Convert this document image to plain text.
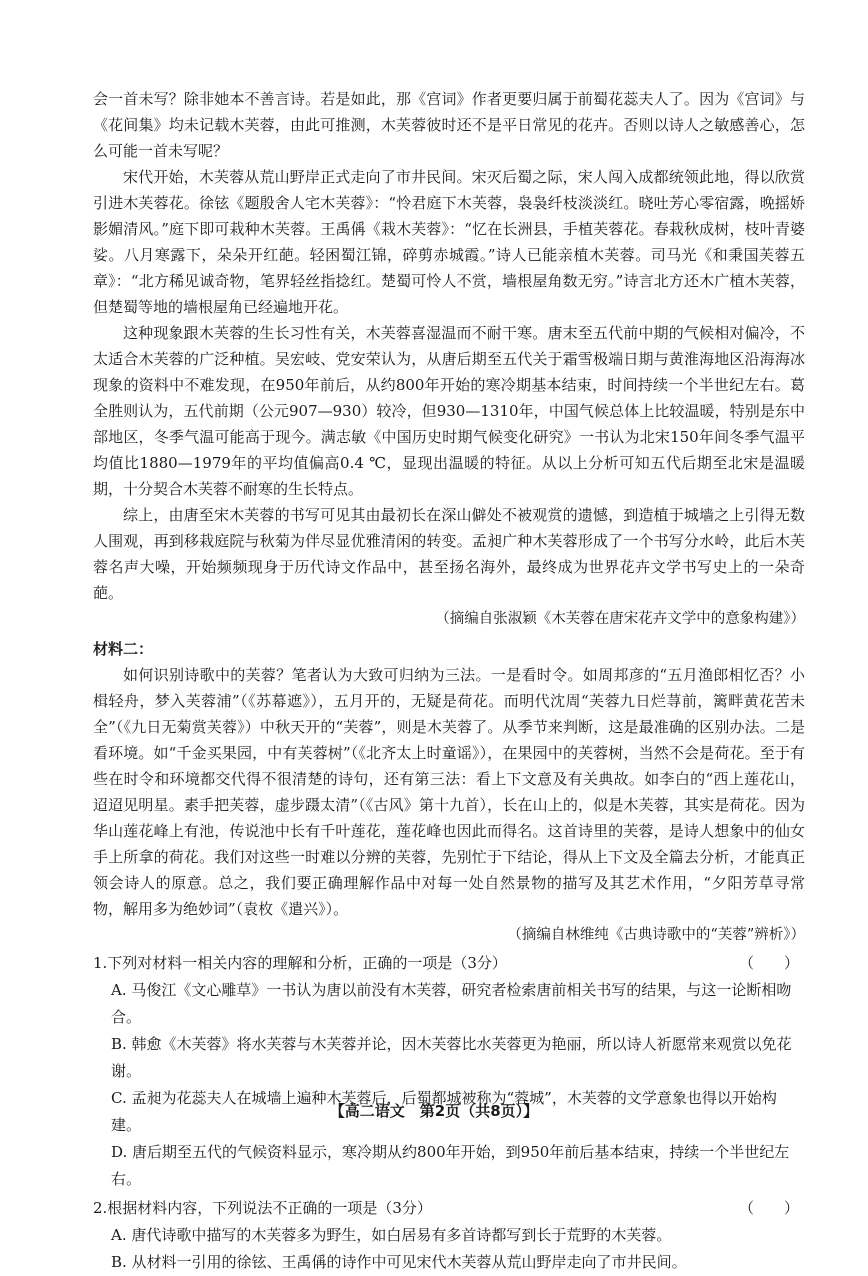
会一首未写？除非她本不善言诗。若是如此，那《宫词》作者更要归属于前蜀花蕊夫人了。因为《宫词》与《花间集》均未记载木芙蓉，由此可推测，木芙蓉彼时还不是平日常见的花卉。否则以诗人之敏感善心，怎么可能一首未写呢？

宋代开始，木芙蓉从荒山野岸正式走向了市井民间。宋灭后蜀之际，宋人闯入成都统领此地，得以欣赏引进木芙蓉花。徐铉《题殷舍人宅木芙蓉》：“怜君庭下木芙蓉，袅袅纤枝淡淡红。晓吐芳心零宿露，晚摇娇影媚清风。”庭下即可栽种木芙蓉。王禹偁《栽木芙蓉》：“忆在长洲县，手植芙蓉花。春栽秋成树，枝叶青婆娑。八月寒露下，朵朵开红葩。轻困蜀江锦，碎剪赤城霞。”诗人已能亲植木芙蓉。司马光《和秉国芙蓉五章》：“北方稀见诚奇物，笔界轻丝指捻红。楚蜀可怜人不赏，墙根屋角数无穷。”诗言北方还木广植木芙蓉，但楚蜀等地的墙根屋角已经遍地开花。

这种现象跟木芙蓉的生长习性有关，木芙蓉喜湿温而不耐干寒。唐末至五代前中期的气候相对偏冷，不太适合木芙蓉的广泛种植。吴宏岐、党安荣认为，从唐后期至五代关于霜雪极端日期与黄淮海地区沿海海冰现象的资料中不难发现，在950年前后，从约800年开始的寒冷期基本结束，时间持续一个半世纪左右。葛全胜则认为，五代前期（公元907—930）较冷，但930—1310年，中国气候总体上比较温暖，特别是东中部地区，冬季气温可能高于现今。满志敏《中国历史时期气候变化研究》一书认为北宋150年间冬季气温平均值比1880—1979年的平均值偏高0.4 ℃，显现出温暖的特征。从以上分析可知五代后期至北宋是温暖期，十分契合木芙蓉不耐寒的生长特点。

综上，由唐至宋木芙蓉的书写可见其由最初长在深山僻处不被观赏的遗憾，到造植于城墙之上引得无数人围观，再到移栽庭院与秋菊为伴尽显优雅清闲的转变。孟昶广种木芙蓉形成了一个书写分水岭，此后木芙蓉名声大噪，开始频频现身于历代诗文作品中，甚至扬名海外，最终成为世界花卉文学书写史上的一朵奇葩。

（摘编自张淑颖《木芙蓉在唐宋花卉文学中的意象构建》）

材料二：

如何识别诗歌中的芙蓉？笔者认为大致可归纳为三法。一是看时令。如周邦彦的“五月渔郎相忆否？小楫轻舟，梦入芙蓉浦”（《苏幕遮》），五月开的，无疑是荷花。而明代沈周“芙蓉九日烂荨前，篱畔黄花苦未全”（《九日无菊赏芙蓉》）中秋天开的“芙蓉”，则是木芙蓉了。从季节来判断，这是最准确的区别办法。二是看环境。如“千金买果园，中有芙蓉树”（《北齐太上时童谣》），在果园中的芙蓉树，当然不会是荷花。至于有些在时令和环境都交代得不很清楚的诗句，还有第三法：看上下文意及有关典故。如李白的“西上莲花山，迢迢见明星。素手把芙蓉，虚步蹑太清”（《古风》第十九首），长在山上的，似是木芙蓉，其实是荷花。因为华山莲花峰上有池，传说池中长有千叶莲花，莲花峰也因此而得名。这首诗里的芙蓉，是诗人想象中的仙女手上所拿的荷花。我们对这些一时难以分辨的芙蓉，先别忙于下结论，得从上下文及全篇去分析，才能真正领会诗人的原意。总之，我们要正确理解作品中对每一处自然景物的描写及其艺术作用，“夕阳芳草寻常物，解用多为绝妙词”（袁枚《遣兴》）。

（摘编自林维纯《古典诗歌中的“芙蓉”辨析》）

1.下列对材料一相关内容的理解和分析，正确的一项是（3分）	（　　）

A. 马俊江《文心雕草》一书认为唐以前没有木芙蓉，研究者检索唐前相关书写的结果，与这一论断相吻合。

B. 韩愈《木芙蓉》将水芙蓉与木芙蓉并论，因木芙蓉比水芙蓉更为艳丽，所以诗人祈愿常来观赏以免花谢。

C. 孟昶为花蕊夫人在城墙上遍种木芙蓉后，后蜀都城被称为“蓉城”，木芙蓉的文学意象也得以开始构建。

D. 唐后期至五代的气候资料显示，寒冷期从约800年开始，到950年前后基本结束，持续一个半世纪左右。

2.根据材料内容，下列说法不正确的一项是（3分）	（　　）

A. 唐代诗歌中描写的木芙蓉多为野生，如白居易有多首诗都写到长于荒野的木芙蓉。

B. 从材料一引用的徐铉、王禹偁的诗作中可见宋代木芙蓉从荒山野岸走向了市井民间。

【高二语文　第2页（共8页）】
